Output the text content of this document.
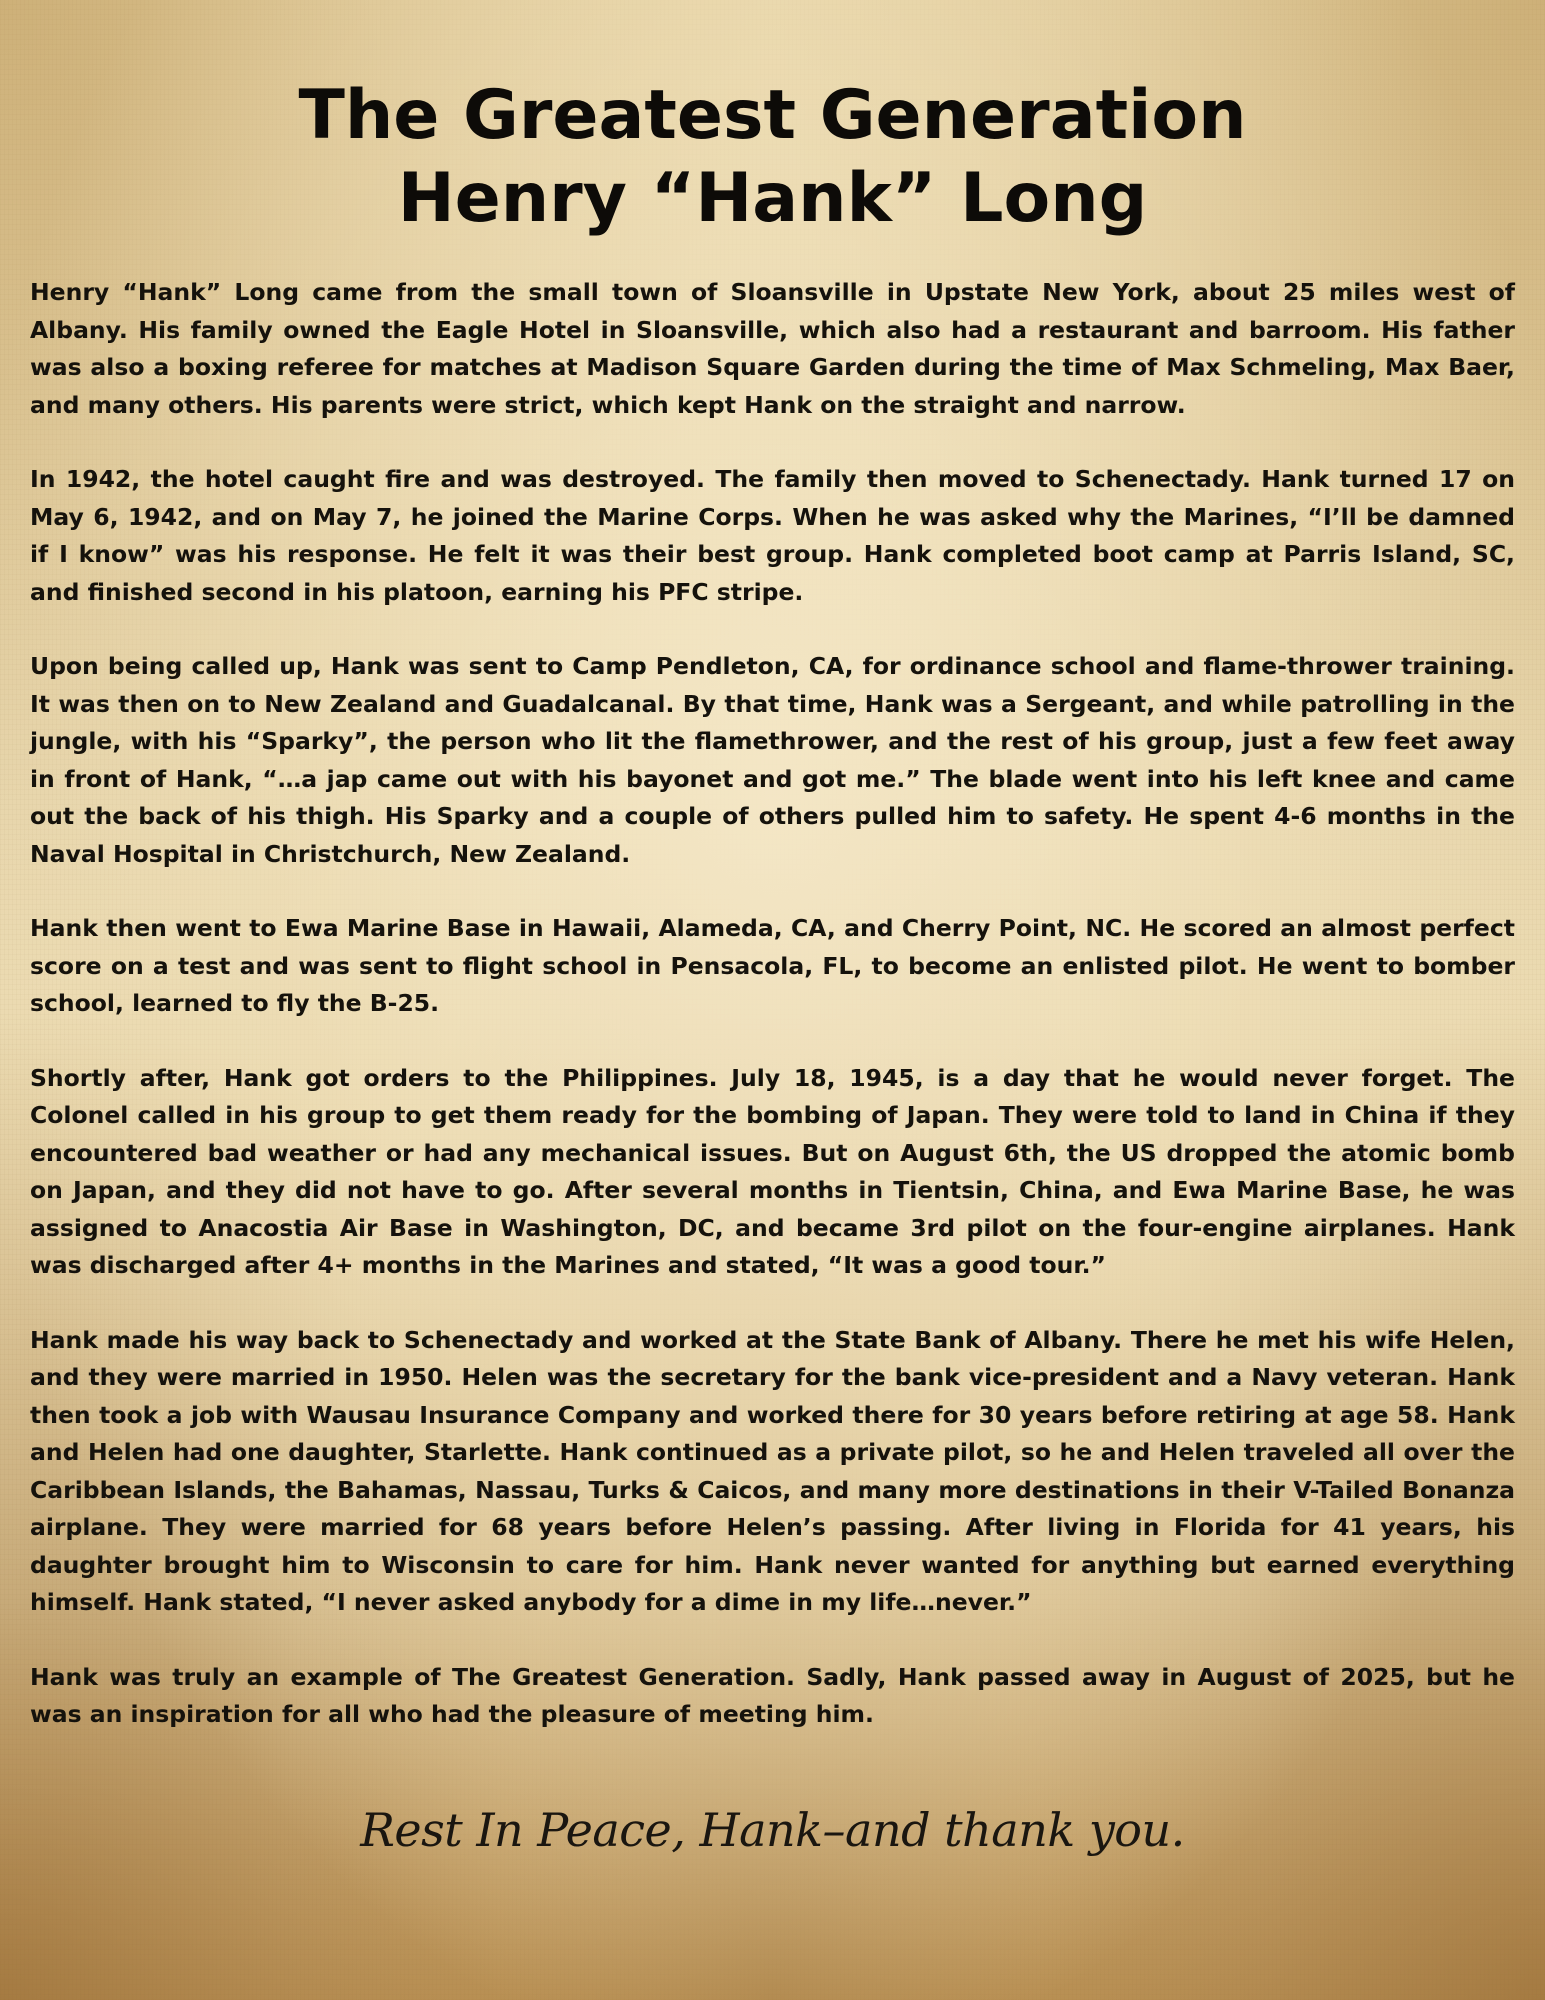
The Greatest Generation
Henry “Hank” Long

Henry “Hank” Long came from the small town of Sloansville in Upstate New York, about 25 miles west of Albany. His family owned the Eagle Hotel in Sloansville, which also had a restaurant and barroom. His father was also a boxing referee for matches at Madison Square Garden during the time of Max Schmeling, Max Baer, and many others. His parents were strict, which kept Hank on the straight and narrow.

In 1942, the hotel caught fire and was destroyed. The family then moved to Schenectady. Hank turned 17 on May 6, 1942, and on May 7, he joined the Marine Corps. When he was asked why the Marines, “I’ll be damned if I know” was his response. He felt it was their best group. Hank completed boot camp at Parris Island, SC, and finished second in his platoon, earning his PFC stripe.

Upon being called up, Hank was sent to Camp Pendleton, CA, for ordinance school and flame-thrower training. It was then on to New Zealand and Guadalcanal. By that time, Hank was a Sergeant, and while patrolling in the jungle, with his “Sparky”, the person who lit the flamethrower, and the rest of his group, just a few feet away in front of Hank, “…a jap came out with his bayonet and got me.” The blade went into his left knee and came out the back of his thigh. His Sparky and a couple of others pulled him to safety. He spent 4-6 months in the Naval Hospital in Christchurch, New Zealand.

Hank then went to Ewa Marine Base in Hawaii, Alameda, CA, and Cherry Point, NC. He scored an almost perfect score on a test and was sent to flight school in Pensacola, FL, to become an enlisted pilot. He went to bomber school, learned to fly the B-25.

Shortly after, Hank got orders to the Philippines. July 18, 1945, is a day that he would never forget. The Colonel called in his group to get them ready for the bombing of Japan. They were told to land in China if they encountered bad weather or had any mechanical issues. But on August 6th, the US dropped the atomic bomb on Japan, and they did not have to go. After several months in Tientsin, China, and Ewa Marine Base, he was assigned to Anacostia Air Base in Washington, DC, and became 3rd pilot on the four-engine airplanes. Hank was discharged after 4+ months in the Marines and stated, “It was a good tour.”

Hank made his way back to Schenectady and worked at the State Bank of Albany. There he met his wife Helen, and they were married in 1950. Helen was the secretary for the bank vice-president and a Navy veteran. Hank then took a job with Wausau Insurance Company and worked there for 30 years before retiring at age 58. Hank and Helen had one daughter, Starlette. Hank continued as a private pilot, so he and Helen traveled all over the Caribbean Islands, the Bahamas, Nassau, Turks & Caicos, and many more destinations in their V-Tailed Bonanza airplane. They were married for 68 years before Helen’s passing. After living in Florida for 41 years, his daughter brought him to Wisconsin to care for him. Hank never wanted for anything but earned everything himself. Hank stated, “I never asked anybody for a dime in my life…never.”

Hank was truly an example of The Greatest Generation. Sadly, Hank passed away in August of 2025, but he was an inspiration for all who had the pleasure of meeting him.

Rest In Peace, Hank–and thank you.
